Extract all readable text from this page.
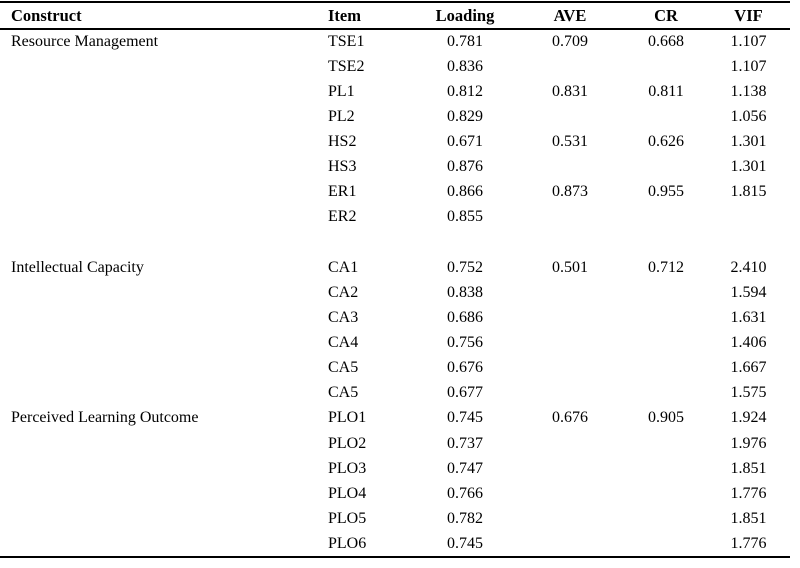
Construct	Item	Loading	AVE	CR	VIF
Resource Management	TSE1	0.781	0.709	0.668	1.107
	TSE2	0.836			1.107
	PL1	0.812	0.831	0.811	1.138
	PL2	0.829			1.056
	HS2	0.671	0.531	0.626	1.301
	HS3	0.876			1.301
	ER1	0.866	0.873	0.955	1.815
	ER2	0.855			

Intellectual Capacity	CA1	0.752	0.501	0.712	2.410
	CA2	0.838			1.594
	CA3	0.686			1.631
	CA4	0.756			1.406
	CA5	0.676			1.667
	CA5	0.677			1.575
Perceived Learning Outcome	PLO1	0.745	0.676	0.905	1.924
	PLO2	0.737			1.976
	PLO3	0.747			1.851
	PLO4	0.766			1.776
	PLO5	0.782			1.851
	PLO6	0.745			1.776
